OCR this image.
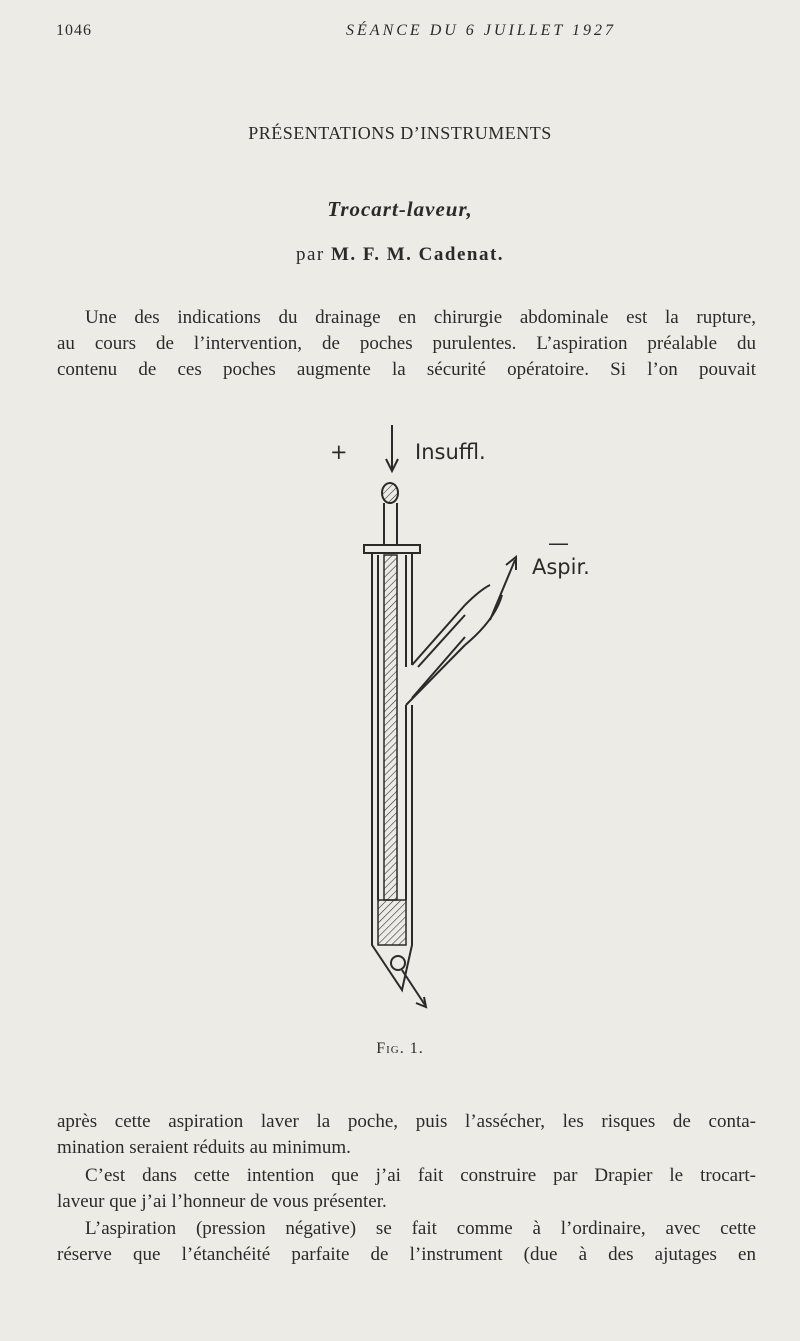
1046	SÉANCE DU 6 JUILLET 1927
PRÉSENTATIONS D’INSTRUMENTS
Trocart-laveur,
par M. F. M. Cadenat.
Une des indications du drainage en chirurgie abdominale est la rupture,
au cours de l’intervention, de poches purulentes. L’aspiration préalable du
contenu de ces poches augmente la sécurité opératoire. Si l’on pouvait
+	Insuffl.
—
Aspir.
Fig. 1.
après cette aspiration laver la poche, puis l’assécher, les risques de conta-
mination seraient réduits au minimum.
C’est dans cette intention que j’ai fait construire par Drapier le trocart-
laveur que j’ai l’honneur de vous présenter.
L’aspiration (pression négative) se fait comme à l’ordinaire, avec cette
réserve que l’étanchéité parfaite de l’instrument (due à des ajutages en
